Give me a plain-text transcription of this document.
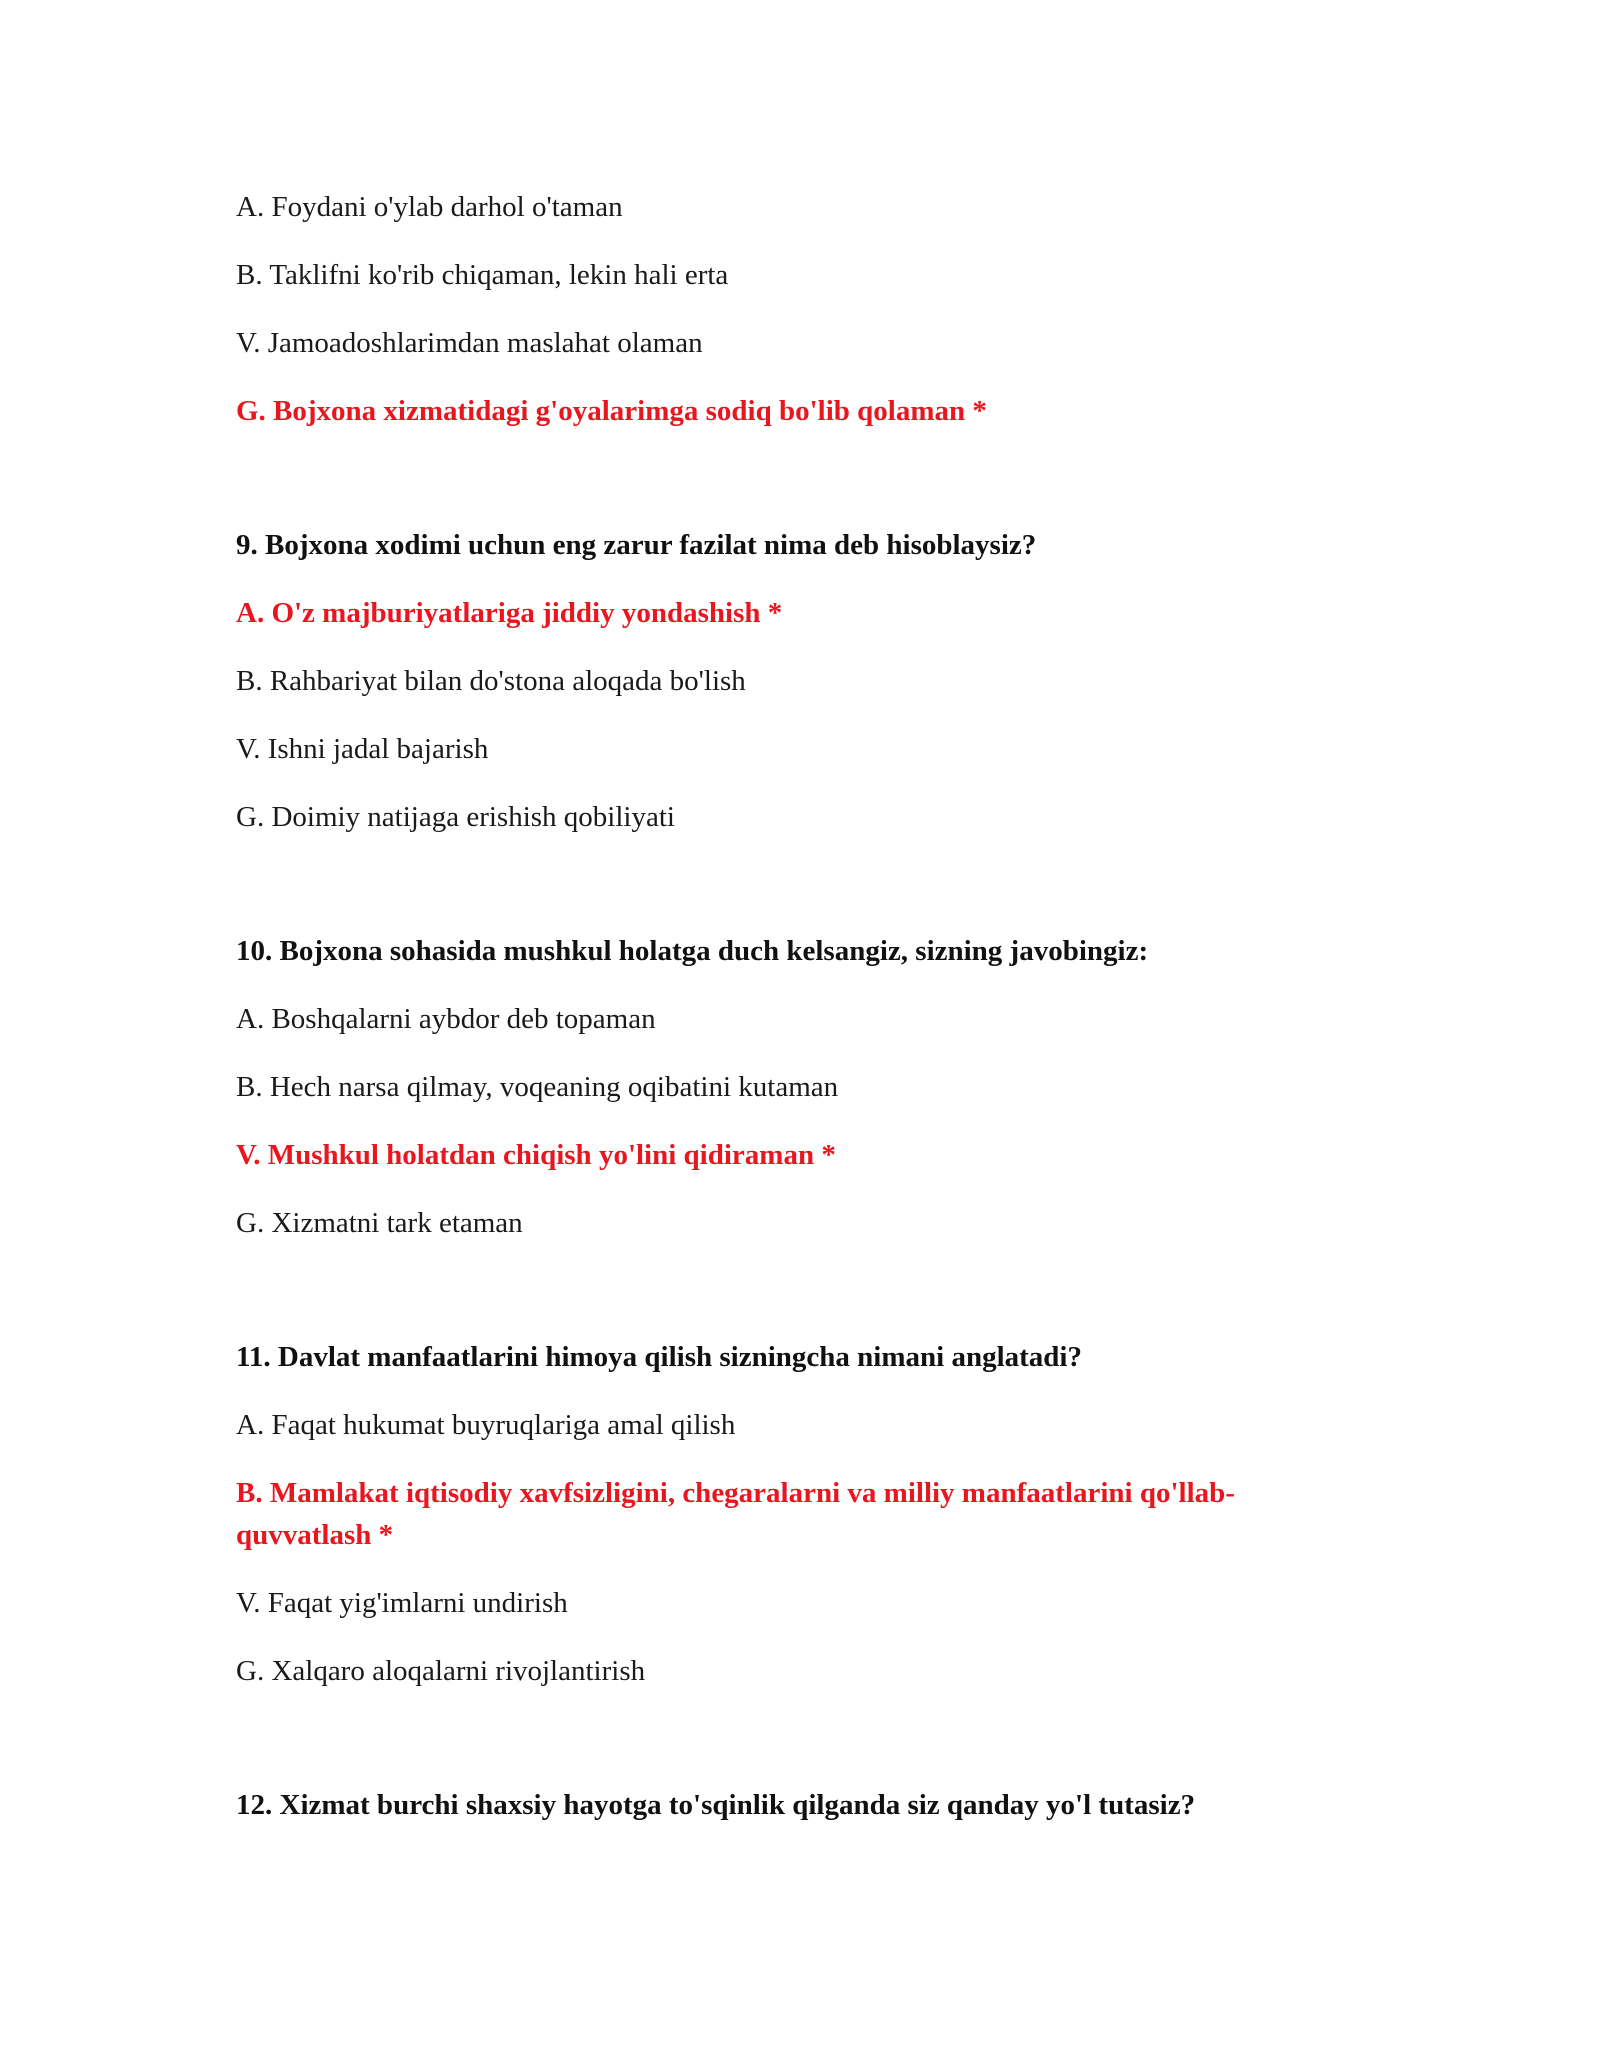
A. Foydani o'ylab darhol o'taman

B. Taklifni ko'rib chiqaman, lekin hali erta

V. Jamoadoshlarimdan maslahat olaman

G. Bojxona xizmatidagi g'oyalarimga sodiq bo'lib qolaman *

9. Bojxona xodimi uchun eng zarur fazilat nima deb hisoblaysiz?

A. O'z majburiyatlariga jiddiy yondashish *

B. Rahbariyat bilan do'stona aloqada bo'lish

V. Ishni jadal bajarish

G. Doimiy natijaga erishish qobiliyati

10. Bojxona sohasida mushkul holatga duch kelsangiz, sizning javobingiz:

A. Boshqalarni aybdor deb topaman

B. Hech narsa qilmay, voqeaning oqibatini kutaman

V. Mushkul holatdan chiqish yo'lini qidiraman *

G. Xizmatni tark etaman

11. Davlat manfaatlarini himoya qilish sizningcha nimani anglatadi?

A. Faqat hukumat buyruqlariga amal qilish

B. Mamlakat iqtisodiy xavfsizligini, chegaralarni va milliy manfaatlarini qo'llab-quvvatlash *

V. Faqat yig'imlarni undirish

G. Xalqaro aloqalarni rivojlantirish

12. Xizmat burchi shaxsiy hayotga to'sqinlik qilganda siz qanday yo'l tutasiz?
